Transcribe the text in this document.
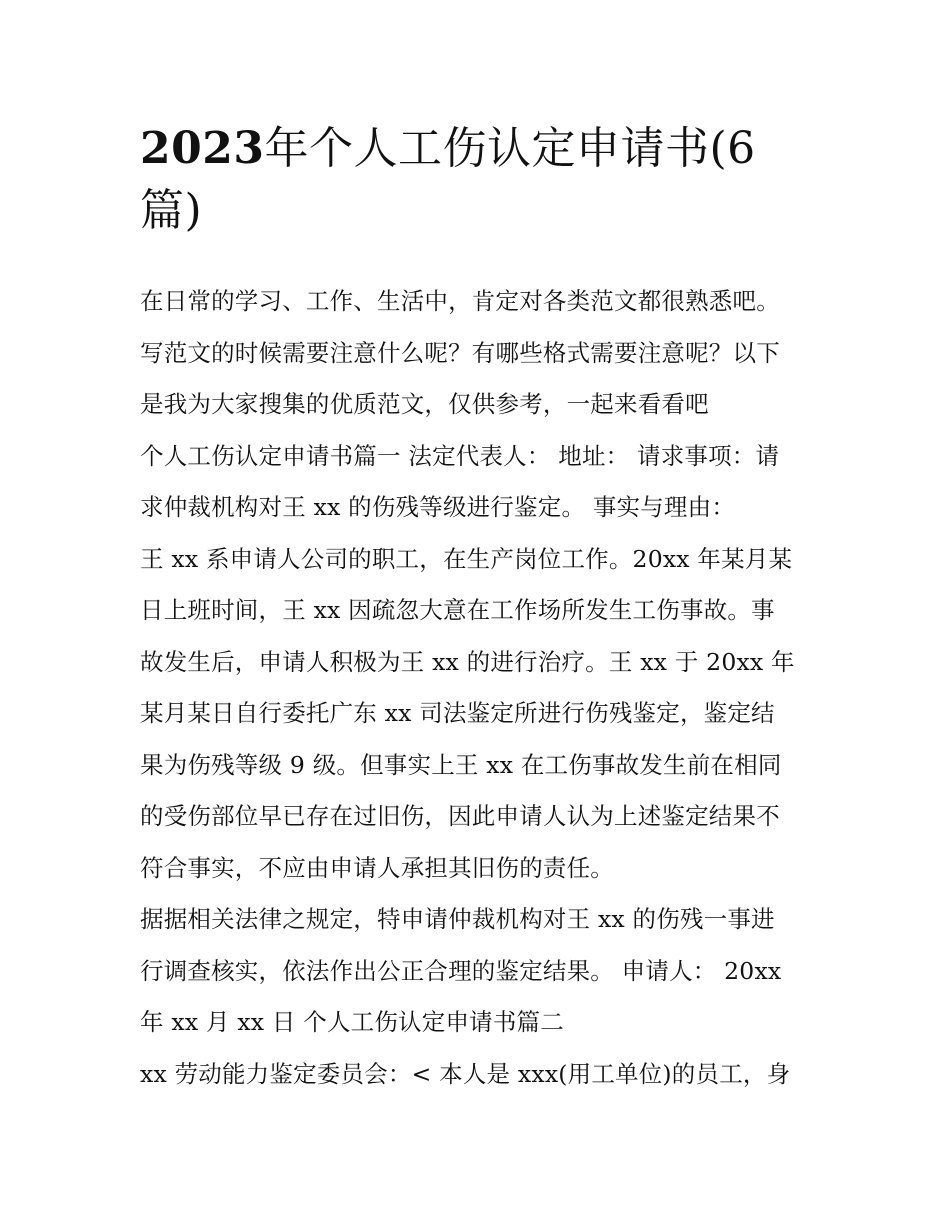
2023年个人工伤认定申请书(6
篇)
在日常的学习、工作、生活中，肯定对各类范文都很熟悉吧。
写范文的时候需要注意什么呢？有哪些格式需要注意呢？以下
是我为大家搜集的优质范文，仅供参考，一起来看看吧
个人工伤认定申请书篇一 法定代表人： 地址： 请求事项：请
求仲裁机构对王 xx 的伤残等级进行鉴定。 事实与理由：
王 xx 系申请人公司的职工，在生产岗位工作。20xx 年某月某
日上班时间，王 xx 因疏忽大意在工作场所发生工伤事故。事
故发生后，申请人积极为王 xx 的进行治疗。王 xx 于 20xx 年
某月某日自行委托广东 xx 司法鉴定所进行伤残鉴定，鉴定结
果为伤残等级 9 级。但事实上王 xx 在工伤事故发生前在相同
的受伤部位早已存在过旧伤，因此申请人认为上述鉴定结果不
符合事实，不应由申请人承担其旧伤的责任。
据据相关法律之规定，特申请仲裁机构对王 xx 的伤残一事进
行调查核实，依法作出公正合理的鉴定结果。 申请人： 20xx
年 xx 月 xx 日 个人工伤认定申请书篇二
xx 劳动能力鉴定委员会：< 本人是 xxx(用工单位)的员工，身
